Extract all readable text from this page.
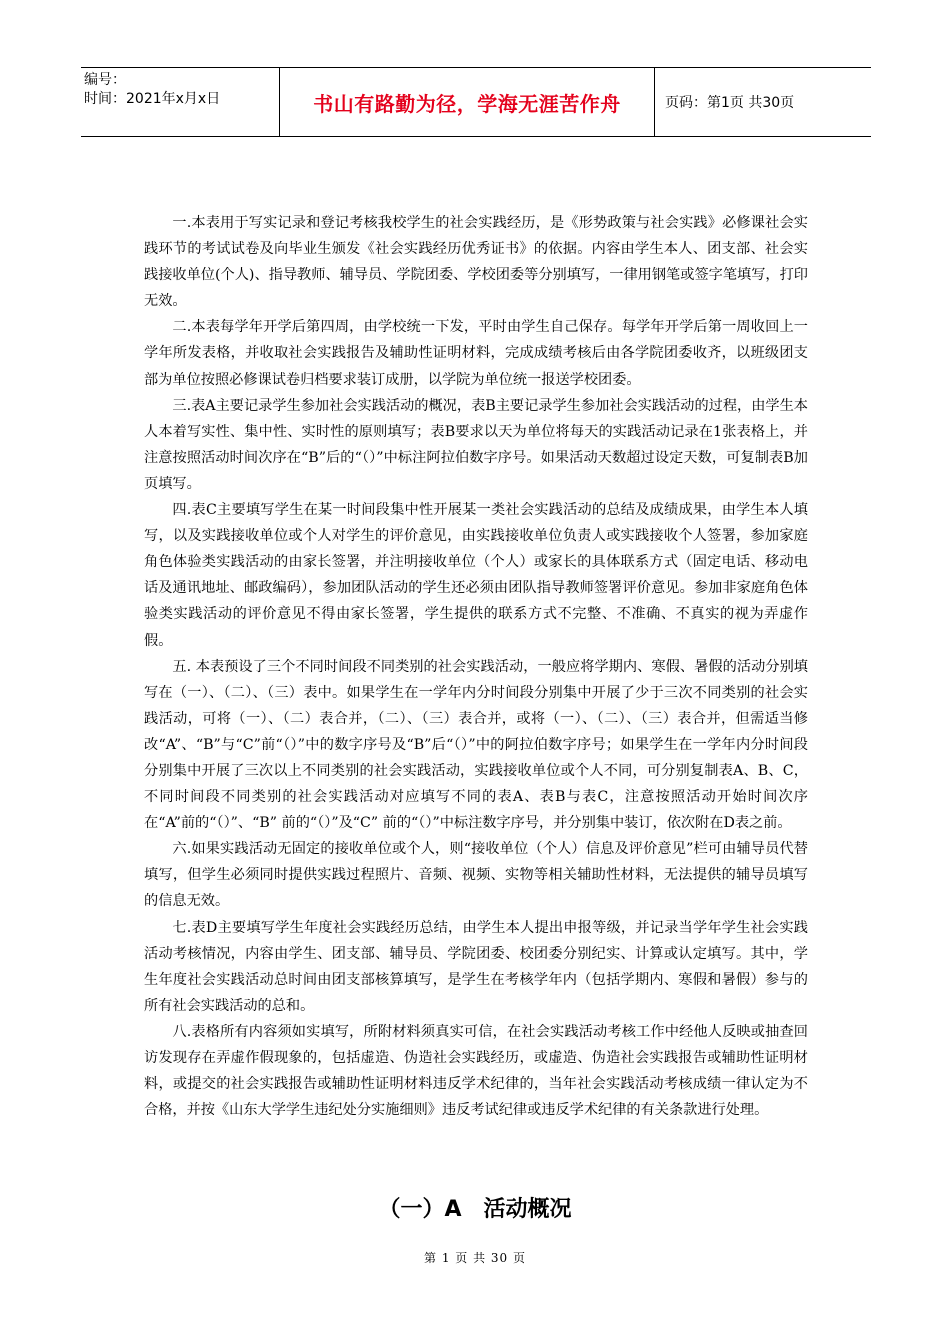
编号：
时间：2021年x月x日	书山有路勤为径，学海无涯苦作舟	页码：第1页 共30页

一.本表用于写实记录和登记考核我校学生的社会实践经历，是《形势政策与社会实践》必修课社会实践环节的考试试卷及向毕业生颁发《社会实践经历优秀证书》的依据。内容由学生本人、团支部、社会实践接收单位(个人)、指导教师、辅导员、学院团委、学校团委等分别填写，一律用钢笔或签字笔填写，打印无效。

二.本表每学年开学后第四周，由学校统一下发，平时由学生自己保存。每学年开学后第一周收回上一学年所发表格，并收取社会实践报告及辅助性证明材料，完成成绩考核后由各学院团委收齐，以班级团支部为单位按照必修课试卷归档要求装订成册，以学院为单位统一报送学校团委。

三.表A主要记录学生参加社会实践活动的概况，表B主要记录学生参加社会实践活动的过程，由学生本人本着写实性、集中性、实时性的原则填写；表B要求以天为单位将每天的实践活动记录在1张表格上，并注意按照活动时间次序在“B”后的“（）”中标注阿拉伯数字序号。如果活动天数超过设定天数，可复制表B加页填写。

四.表C主要填写学生在某一时间段集中性开展某一类社会实践活动的总结及成绩成果，由学生本人填写，以及实践接收单位或个人对学生的评价意见，由实践接收单位负责人或实践接收个人签署，参加家庭角色体验类实践活动的由家长签署，并注明接收单位（个人）或家长的具体联系方式（固定电话、移动电话及通讯地址、邮政编码），参加团队活动的学生还必须由团队指导教师签署评价意见。参加非家庭角色体验类实践活动的评价意见不得由家长签署，学生提供的联系方式不完整、不准确、不真实的视为弄虚作假。

五. 本表预设了三个不同时间段不同类别的社会实践活动，一般应将学期内、寒假、暑假的活动分别填写在（一）、（二）、（三）表中。如果学生在一学年内分时间段分别集中开展了少于三次不同类别的社会实践活动，可将（一）、（二）表合并，（二）、（三）表合并，或将（一）、（二）、（三）表合并，但需适当修改“A”、“B”与“C”前“（）”中的数字序号及“B”后“（）”中的阿拉伯数字序号；如果学生在一学年内分时间段分别集中开展了三次以上不同类别的社会实践活动，实践接收单位或个人不同，可分别复制表A、B、C，不同时间段不同类别的社会实践活动对应填写不同的表A、表B与表C，注意按照活动开始时间次序在“A”前的“（）”、“B” 前的“（）”及“C” 前的“（）”中标注数字序号，并分别集中装订，依次附在D表之前。

六.如果实践活动无固定的接收单位或个人，则“接收单位（个人）信息及评价意见”栏可由辅导员代替填写，但学生必须同时提供实践过程照片、音频、视频、实物等相关辅助性材料，无法提供的辅导员填写的信息无效。

七.表D主要填写学生年度社会实践经历总结，由学生本人提出申报等级，并记录当学年学生社会实践活动考核情况，内容由学生、团支部、辅导员、学院团委、校团委分别纪实、计算或认定填写。其中，学生年度社会实践活动总时间由团支部核算填写，是学生在考核学年内（包括学期内、寒假和暑假）参与的所有社会实践活动的总和。

八.表格所有内容须如实填写，所附材料须真实可信，在社会实践活动考核工作中经他人反映或抽查回访发现存在弄虚作假现象的，包括虚造、伪造社会实践经历，或虚造、伪造社会实践报告或辅助性证明材料，或提交的社会实践报告或辅助性证明材料违反学术纪律的，当年社会实践活动考核成绩一律认定为不合格，并按《山东大学学生违纪处分实施细则》违反考试纪律或违反学术纪律的有关条款进行处理。

（一）A　活动概况
第 1 页 共 30 页
